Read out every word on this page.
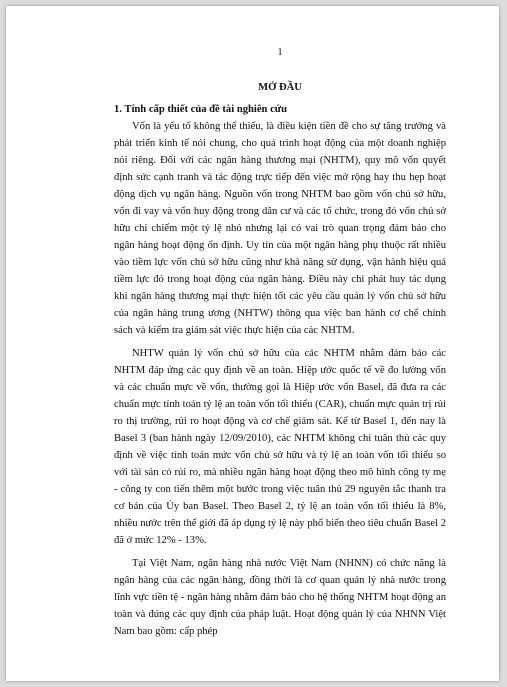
1
MỞ ĐẦU
1. Tính cấp thiết của đề tài nghiên cứu

Vốn là yếu tố không thể thiếu, là điều kiện tiền đề cho sự tăng trưởng và phát triển kinh tế nói chung, cho quá trình hoạt động của một doanh nghiệp nói riêng. Đối với các ngân hàng thương mại (NHTM), quy mô vốn quyết định sức cạnh tranh và tác động trực tiếp đến việc mở rộng hay thu hẹp hoạt động dịch vụ ngân hàng. Nguồn vốn trong NHTM bao gồm vốn chủ sở hữu, vốn đi vay và vốn huy động trong dân cư và các tổ chức, trong đó vốn chủ sở hữu chỉ chiếm một tỷ lệ nhỏ nhưng lại có vai trò quan trọng đảm bảo cho ngân hàng hoạt động ổn định. Uy tín của một ngân hàng phụ thuộc rất nhiều vào tiềm lực vốn chủ sở hữu cũng như khả năng sử dụng, vận hành hiệu quả tiềm lực đó trong hoạt động của ngân hàng. Điều này chỉ phát huy tác dụng khi ngân hàng thương mại thực hiện tốt các yêu cầu quản lý vốn chủ sở hữu của ngân hàng trung ương (NHTW) thông qua việc ban hành cơ chế chính sách và kiểm tra giám sát việc thực hiện của các NHTM.

NHTW quản lý vốn chủ sở hữu của các NHTM nhằm đảm bảo các NHTM đáp ứng các quy định về an toàn. Hiệp ước quốc tế về đo lường vốn và các chuẩn mực về vốn, thường gọi là Hiệp ước vốn Basel, đã đưa ra các chuẩn mực tính toán tỷ lệ an toàn vốn tối thiểu (CAR), chuẩn mực quản trị rủi ro thị trường, rủi ro hoạt động và cơ chế giám sát. Kể từ Basel 1, đến nay là Basel 3 (ban hành ngày 12/09/2010), các NHTM không chỉ tuân thủ các quy định về việc tính toán mức vốn chủ sở hữu và tỷ lệ an toàn vốn tối thiểu so với tài sản có rủi ro, mà nhiều ngân hàng hoạt động theo mô hình công ty mẹ - công ty con tiến thêm một bước trong việc tuân thủ 29 nguyên tắc thanh tra cơ bản của Ủy ban Basel. Theo Basel 2, tỷ lệ an toàn vốn tối thiểu là 8%, nhiều nước trên thế giới đã áp dụng tỷ lệ này phổ biến theo tiêu chuẩn Basel 2 đã ở mức 12% - 13%.

Tại Việt Nam, ngân hàng nhà nước Việt Nam (NHNN) có chức năng là ngân hàng của các ngân hàng, đồng thời là cơ quan quản lý nhà nước trong lĩnh vực tiền tệ - ngân hàng nhằm đảm bảo cho hệ thống NHTM hoạt động an toàn và đúng các quy định của pháp luật. Hoạt động quản lý của NHNN Việt Nam bao gồm: cấp phép
